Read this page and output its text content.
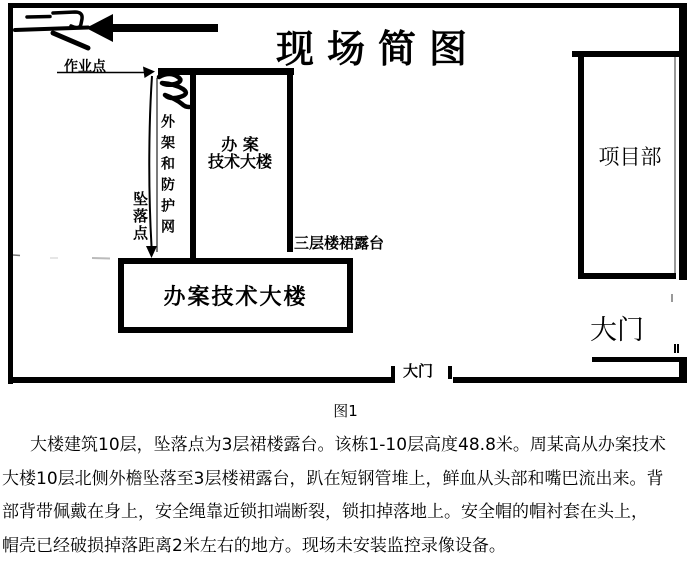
办 案
技术大楼
办案技术大楼
项目部
现场简图
作业点
外架和防护网
坠落点
三层楼裙露台
大门
大门
图1
大楼建筑10层，坠落点为3层裙楼露台。该栋1-10层高度48.8米。周某高从办案技术
大楼10层北侧外檐坠落至3层楼裙露台，趴在短钢管堆上，鲜血从头部和嘴巴流出来。背
部背带佩戴在身上，安全绳靠近锁扣端断裂，锁扣掉落地上。安全帽的帽衬套在头上，
帽壳已经破损掉落距离2米左右的地方。现场未安装监控录像设备。
